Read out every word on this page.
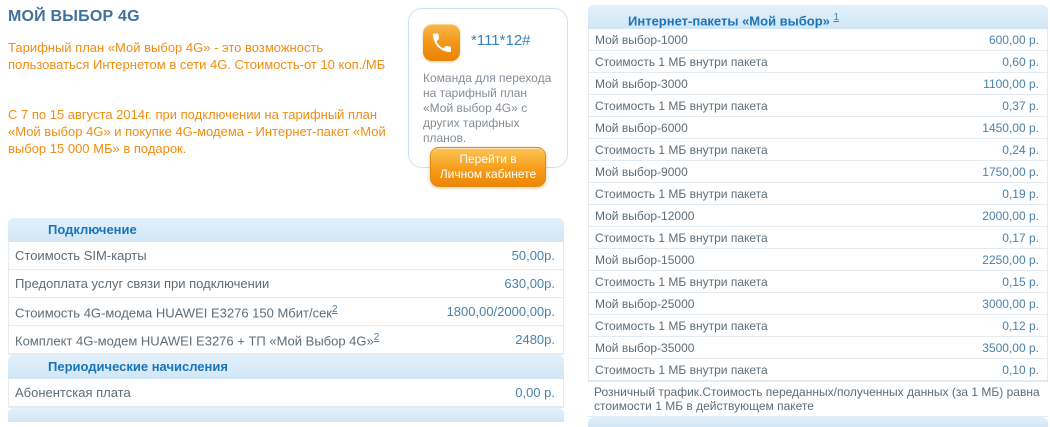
МОЙ ВЫБОР 4G
Тарифный план «Мой выбор 4G» - это возможность пользоваться Интернетом в сети 4G. Стоимость-от 10 коп./МБ
С 7 по 15 августа 2014г. при подключении на тарифный план «Мой выбор 4G» и покупке 4G-модема - Интернет-пакет «Мой выбор 15 000 МБ» в подарок.
*111*12#
Команда для перехода на тарифный план «Мой выбор 4G» с других тарифных планов.
Перейти в
Личном кабинете
Подключение
Стоимость SIM-карты	50,00р.
Предоплата услуг связи при подключении	630,00р.
Стоимость 4G-модема HUAWEI E3276 150 Мбит/сек$^2$	1800,00/2000,00р.
Комплект 4G-модем HUAWEI E3276 + ТП «Мой Выбор 4G»$^2$	2480р.
Периодические начисления
Абонентская плата	0,00 р.
Интернет-пакеты «Мой выбор» $^1$
Мой выбор-1000	600,00 р.
Стоимость 1 МБ внутри пакета	0,60 р.
Мой выбор-3000	1100,00 р.
Стоимость 1 МБ внутри пакета	0,37 р.
Мой выбор-6000	1450,00 р.
Стоимость 1 МБ внутри пакета	0,24 р.
Мой выбор-9000	1750,00 р.
Стоимость 1 МБ внутри пакета	0,19 р.
Мой выбор-12000	2000,00 р.
Стоимость 1 МБ внутри пакета	0,17 р.
Мой выбор-15000	2250,00 р.
Стоимость 1 МБ внутри пакета	0,15 р.
Мой выбор-25000	3000,00 р.
Стоимость 1 МБ внутри пакета	0,12 р.
Мой выбор-35000	3500,00 р.
Стоимость 1 МБ внутри пакета	0,10 р.
Розничный трафик.Стоимость переданных/полученных данных (за 1 МБ) равна стоимости 1 МБ в действующем пакете
